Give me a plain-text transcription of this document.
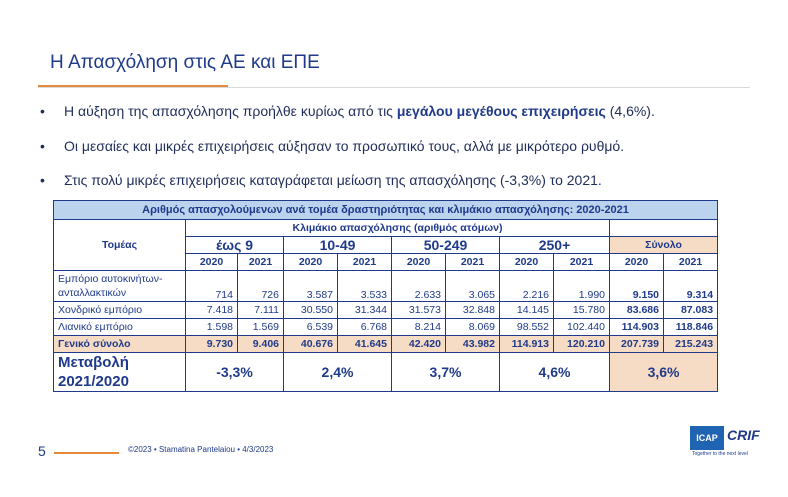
Η Απασχόληση στις ΑΕ και ΕΠΕ
• Η αύξηση της απασχόλησης προήλθε κυρίως από τις μεγάλου μεγέθους επιχειρήσεις (4,6%).
• Οι μεσαίες και μικρές επιχειρήσεις αύξησαν το προσωπικό τους, αλλά με μικρότερο ρυθμό.
• Στις πολύ μικρές επιχειρήσεις καταγράφεται μείωση της απασχόλησης (-3,3%) το 2021.
Αριθμός απασχολούμενων ανά τομέα δραστηριότητας και κλιμάκιο απασχόλησης: 2020-2021										
Τομέας	Κλιμάκιο απασχόλησης (αριθμός ατόμων)									
	έως 9		10-49		50-249		250+		Σύνολο	
	2020	2021	2020	2021	2020	2021	2020	2021	2020	2021
Εμπόριο αυτοκινήτων-ανταλλακτικών	714	726	3.587	3.533	2.633	3.065	2.216	1.990	9.150	9.314
Χονδρικό εμπόριο	7.418	7.111	30.550	31.344	31.573	32.848	14.145	15.780	83.686	87.083
Λιανικό εμπόριο	1.598	1.569	6.539	6.768	8.214	8.069	98.552	102.440	114.903	118.846
Γενικό σύνολο	9.730	9.406	40.676	41.645	42.420	43.982	114.913	120.210	207.739	215.243
Μεταβολή
2021/2020	-3,3%		2,4%		3,7%		4,6%		3,6%	
5	©2023 • Stamatina Pantelaiou • 4/3/2023
ICAP CRIF
Together to the next level
